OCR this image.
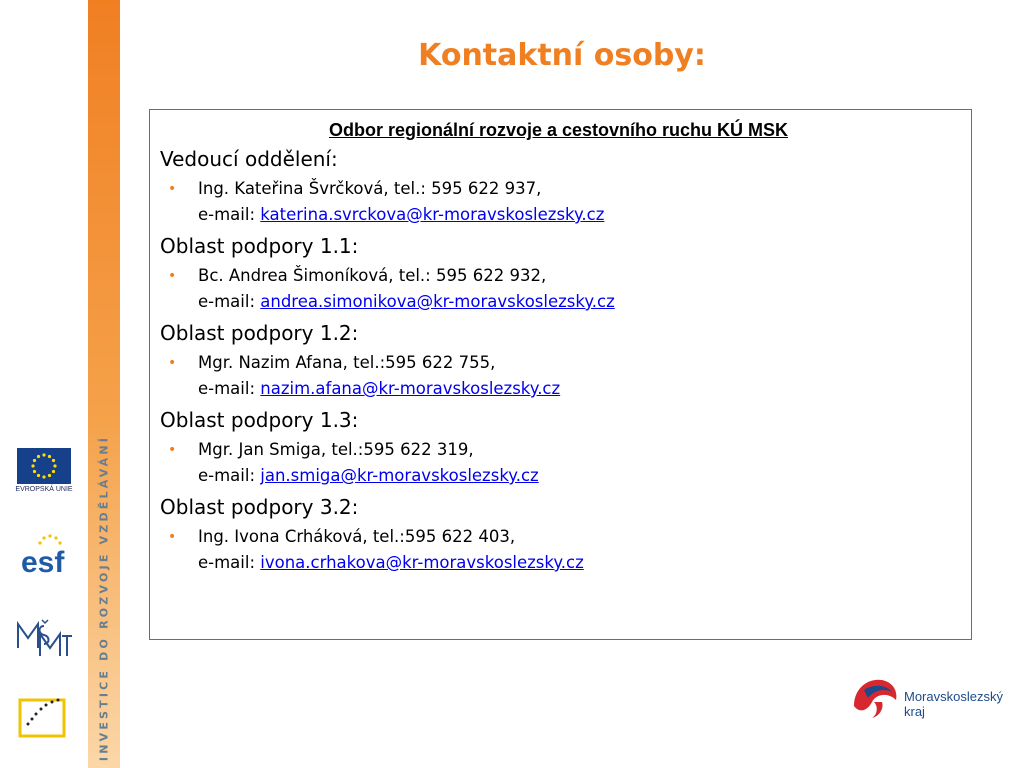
INVESTICE DO ROZVOJE VZDĚLÁVÁNÍ
Kontaktní osoby:
Odbor regionální rozvoje a cestovního ruchu KÚ MSK
Vedoucí oddělení:
• Ing. Kateřina Švrčková, tel.: 595 622 937,
e-mail: katerina.svrckova@kr-moravskoslezsky.cz
Oblast podpory 1.1:
• Bc. Andrea Šimoníková, tel.: 595 622 932,
e-mail: andrea.simonikova@kr-moravskoslezsky.cz
Oblast podpory 1.2:
• Mgr. Nazim Afana, tel.:595 622 755,
e-mail: nazim.afana@kr-moravskoslezsky.cz
Oblast podpory 1.3:
• Mgr. Jan Smiga, tel.:595 622 319,
e-mail: jan.smiga@kr-moravskoslezsky.cz
Oblast podpory 3.2:
• Ing. Ivona Crháková, tel.:595 622 403,
e-mail: ivona.crhakova@kr-moravskoslezsky.cz
EVROPSKÁ UNIE
esf
Moravskoslezský
kraj
